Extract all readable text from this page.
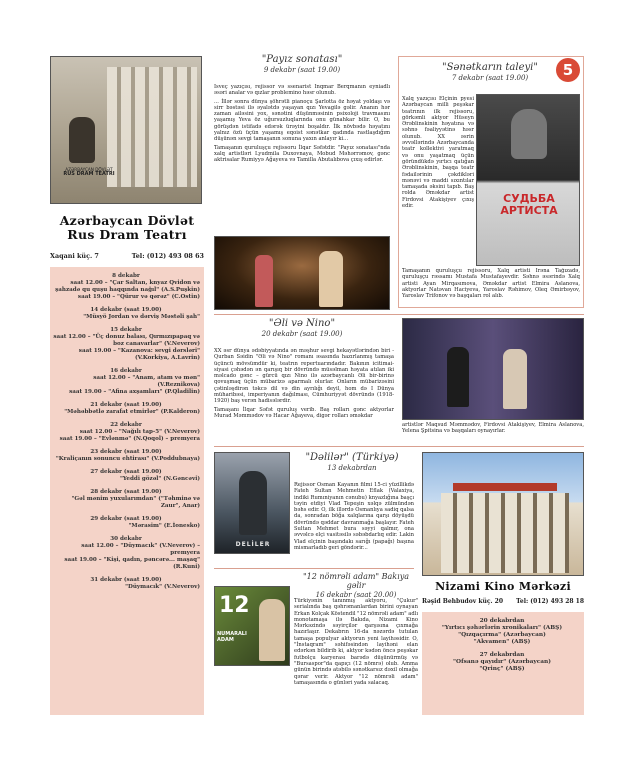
AZƏRBAYCAN DÖVLƏT
RUS DRAM TEATRI
Azərbaycan Dövlət
Rus Dram Teatrı
Xaqani küç. 7	Tel: (012) 493 08 63
8 dekabr
saat 12.00 – "Çar Saltan, knyaz Qvidon və şahzadə qu quşu haqqında nağıl" (A.S.Puşkin)
saat 19.00 – "Qürur və qərəz" (C.Ostin)
14 dekabr (saat 19.00)
"Müsyö Jordan və dərviş Məstəli şah"
15 dekabr
saat 12.00 – "Üç donuz balası, Qırmızıpapaq və boz canavarlar" (V.Neverov)
saat 19.00 – "Kazanova: sevgi dərsləri" (V.Korkiya, A.Lavrin)
16 dekabr
saat 12.00 – "Anam, atam və mən" (V.Reznikova)
saat 19.00 – "Afina axşamları" (P.Qladilin)
21 dekabr (saat 19.00)
"Məhəbbətlə zarafat etmirlər" (P.Kalderon)
22 dekabr
saat 12.00 – "Nağılı tap-5" (V.Neverov)
saat 19.00 – "Evlənmə" (N.Qoqol) – premyera
23 dekabr (saat 19.00)
"Kraliçanın sonuncu ehtirası" (V.Poddubnaya)
27 dekabr (saat 19.00)
"Yeddi gözəl" (N.Gəncəvi)
28 dekabr (saat 19.00)
"Gəl mənim yuxularımdan" ("Təhminə və Zaur", Anar)
29 dekabr (saat 19.00)
"Mərasim" (E.İonesko)
30 dekabr
saat 12.00 – "Düymacık" (V.Neverov) – premyera
saat 19.00 – "Kişi, qadın, pəncərə... maşaq" (R.Kuni)
31 dekabr (saat 19.00)
"Düymacık" (V.Neverov)
"Payız sonatası"
9 dekabr (saat 19.00)

İsveç yazıçısı, rejissor və ssenarist İnqmar Berqmanın eyniadlı əsəri analar və qızlar problemino həsr olunub.

... İllər sonra dünya şöhrətli pianoçu Şarlotta öz həyat yoldaşı və sirr bəstəsi ilə əyalətdə yaşayan qızı Yevagilə gəlir. Ananın hər zaman ailəsini yox, sənətini düşünməsinin psixoloji travmasını yaşamış Yeva öz uğursuzluqlarında onu günahkar bilir. O, bu görüşdən istifadə edərək ürəyini boşaldır. İlk növbədə həyatını yalnız özü üçün yaşamış eqoist sənətkar qadında rastlaşdığım düşünən sevgi tamaşanın sonuna yaxın anlayır ki...

Tamaşanın quruluşçu rejissoru İlqar Səfətdir. "Payız sonatası"nda xalq artistləri Lyudmila Duxovnaya, Mobud Məhərrəmov, gənc aktrisalar Rumiyyə Ağayeva və Tamilla Abutalıbova çıxış edirlər.

"Sənətkarın taleyi"
7 dekabr (saat 19.00)	5
Xalq yazıçısı Elçinin pyesi Azərbaycan milli peşəkar teatrının ilk rejissoru, görkəmli aktyor Hüseyn Ərəblinskinin həyatına və səhnə fəaliyyətinə həsr olunub. XX əsrin əvvəllərində Azərbaycanda teatr kollektivi yaratmaq və onu yaşatmaq üçün göründükdə yırtıcı qatığan Ərəblinskinin, başqa teatr fədailərinin çəkdikləri mənəvi və maddi sıxıntılar tamaşada əksini tapıb. Baş roldа Əməkdar artist Firdovsi Atakişiyev çıxış edir.
СУДЬБА
АРТИСТА
Tamaşanın quruluşçu rejissoru, Xalq artisti İrəna Tağızadə, quruluşçu rəssamı Mustafa Mustafayevdir. Səhnə əsərində Xalq artisti Ayan Mirqasımova, Əməkdar artist Elmira Aslanova, aktyorlar Natəvan Haciyeva, Yaroslav Rəhimov, Oleq Əmirbəyov, Yaroslav Trifonov və başqaları rol alıb.
"Əli və Nino"
20 dekabr (saat 19.00)

XX əsr dünya ədəbiyyatında ən məşhur sevgi hekayətlərindən biri - Qurban Səidin "Əli və Nino" romanı əsasında hazırlanmış tamaşa üçüncü mövsümdür ki, teatrın repertuarındadır. Bakının icitimai-siyasi çəhədən ən qarışıq bir dövründə müsəlman həyata atılan iki məlcado gənc – gürcü qızı Nino ilə azərbaycanlı Əli bir-birinə qovuşmaq üçün mübarizə aparmalı olurlar. Onların mübarizəsini çətinləşdirən təkcə dil və din ayrılığı deyil, hom də I Dünya müharibəsi, imperiyanın dağılması, Cümhuriyyət dövründə (1918-1920) baş verən hadisələrdir.

Tamaşanı İlqar Səfət quruluş verib. Baş rolları gənc aktyorlar Murad Məmmədov və Hacar Ağayeva, digər rolları əməkdar

artistlər Maqsud Məmmədov, Firdovsi Atakişiyev, Elmira Aslanova, Yelena Şpitsina və başqaları oynayırlar.
DELİLER
"Dəlilər" (Türkiyə)
13 dekabrdan
Rejissor Osman Kayanın filmi 15-ci yüzillikdə Fateh Sultan Mehmetin Eflak (Valaxiya, indiki Rumıniyanın cənubu) knyazlığına başçı təyin etdiyi Vlad Tepeşin xəlqə zülmündən bəhs edir. O, ilk illərdə Osmanlıya sadiq qalsa da, sonradan böğa xalqlarına qarşı döyüşdü dövründə qəddar davranmağa başlayır. Fateh Sultan Mehmet bura səyyi qalmır, ona əvvəlcə elçi vasitəsilə səbəbdarlıq edir. Lakin Vlad elçinin başındakı sarığı (papağı) başına mismarladıb geri göndərir...
Nizami Kino Mərkəzi
Rəşid Behbudov küç. 20 Tel: (012) 493 28 18
20 dekabrdan
"Yırtıcı şəhərlərin xronikaları" (ABŞ)
"Qızqaçırma" (Azərbaycan)
"Akvamen" (ABŞ)
27 dekabrdan
"Ofsanə qayıdır" (Azərbaycan)
"Qrinç" (ABŞ)
"12 nömrəli adam" Bakıya gəlir
16 dekabr (saat 20.00)
12
NUMARALI ADAM
Türkiyənin tanınmış aktyoru, "Çukur" serialında baş qəhrəmanlardan birini oynayan Erkan Kolçak Köstendil "12 nömrəli adam" adlı monotamaşa ilə Bakıda, Nizami Kino Mərkəzində səyirçilər qarşısına çıxmağa hazırlaşır. Dekabrın 16-da nəzərdə tutulan tamaşa populyar aktyorun yeni layihəsidir. O, "İnstaqram" səhifəsindən layihəni elan edərkən bildirib ki, aktyor kədən öncə peşəkar futbolçu karyerası barədə düşünürmüş və "Bursaspor"da qapıçı (12 nömrə) olub. Amma günün birində atəbilə sənətkarsız dəxil olmağa qərar verir. Aktyor "12 nömrəli adam" tamaşasında o günləri yada salacaq.
